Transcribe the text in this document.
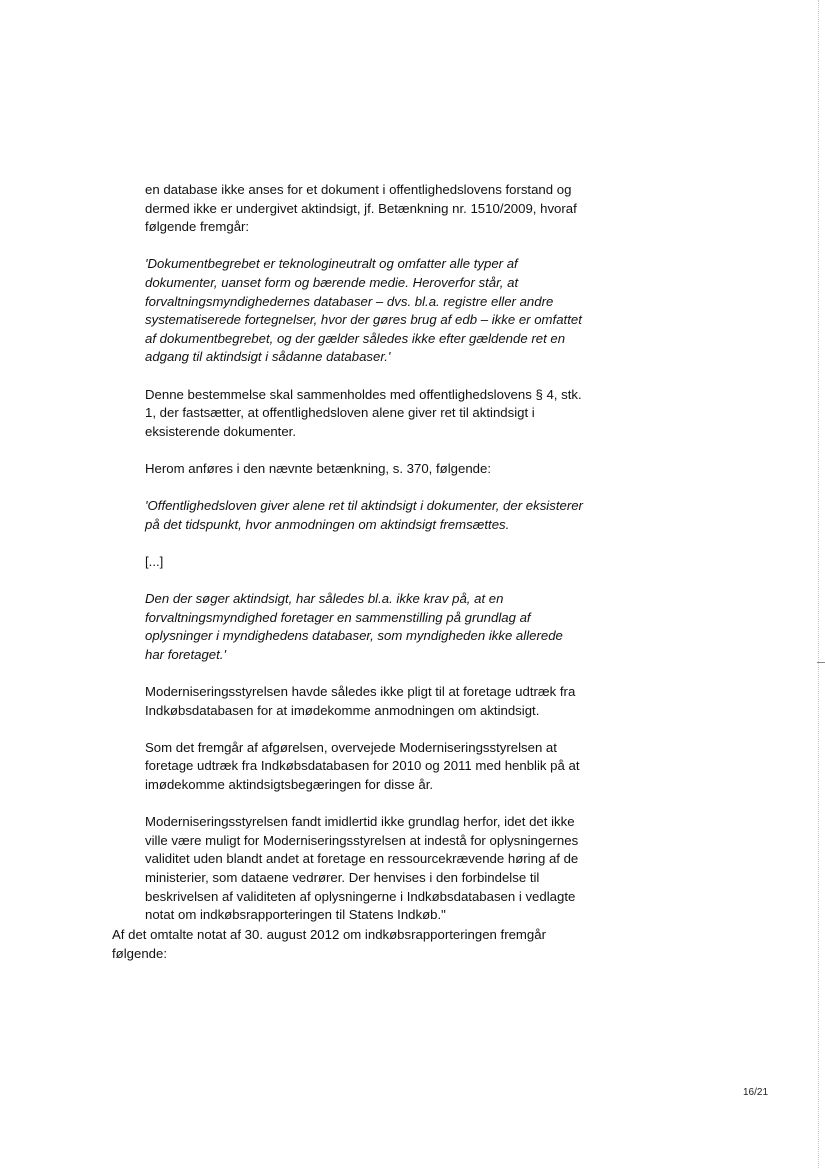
en database ikke anses for et dokument i offentlighedslovens forstand og dermed ikke er undergivet aktindsigt, jf. Betænkning nr. 1510/2009, hvoraf følgende fremgår:

'Dokumentbegrebet er teknologineutralt og omfatter alle typer af dokumenter, uanset form og bærende medie. Heroverfor står, at forvaltningsmyndighedernes databaser – dvs. bl.a. registre eller andre systematiserede fortegnelser, hvor der gøres brug af edb – ikke er omfattet af dokumentbegrebet, og der gælder således ikke efter gældende ret en adgang til aktindsigt i sådanne databaser.'

Denne bestemmelse skal sammenholdes med offentlighedslovens § 4, stk. 1, der fastsætter, at offentlighedsloven alene giver ret til aktindsigt i eksisterende dokumenter.

Herom anføres i den nævnte betænkning, s. 370, følgende:

'Offentlighedsloven giver alene ret til aktindsigt i dokumenter, der eksisterer på det tidspunkt, hvor anmodningen om aktindsigt fremsættes.

[...]

Den der søger aktindsigt, har således bl.a. ikke krav på, at en forvaltningsmyndighed foretager en sammenstilling på grundlag af oplysninger i myndighedens databaser, som myndigheden ikke allerede har foretaget.'

Moderniseringsstyrelsen havde således ikke pligt til at foretage udtræk fra Indkøbsdatabasen for at imødekomme anmodningen om aktindsigt.

Som det fremgår af afgørelsen, overvejede Moderniseringsstyrelsen at foretage udtræk fra Indkøbsdatabasen for 2010 og 2011 med henblik på at imødekomme aktindsigtsbegæringen for disse år.

Moderniseringsstyrelsen fandt imidlertid ikke grundlag herfor, idet det ikke ville være muligt for Moderniseringsstyrelsen at indestå for oplysningernes validitet uden blandt andet at foretage en ressourcekrævende høring af de ministerier, som dataene vedrører. Der henvises i den forbindelse til beskrivelsen af validiteten af oplysningerne i Indkøbsdatabasen i vedlagte notat om indkøbsrapporteringen til Statens Indkøb."

Af det omtalte notat af 30. august 2012 om indkøbsrapporteringen fremgår følgende:

16/21
